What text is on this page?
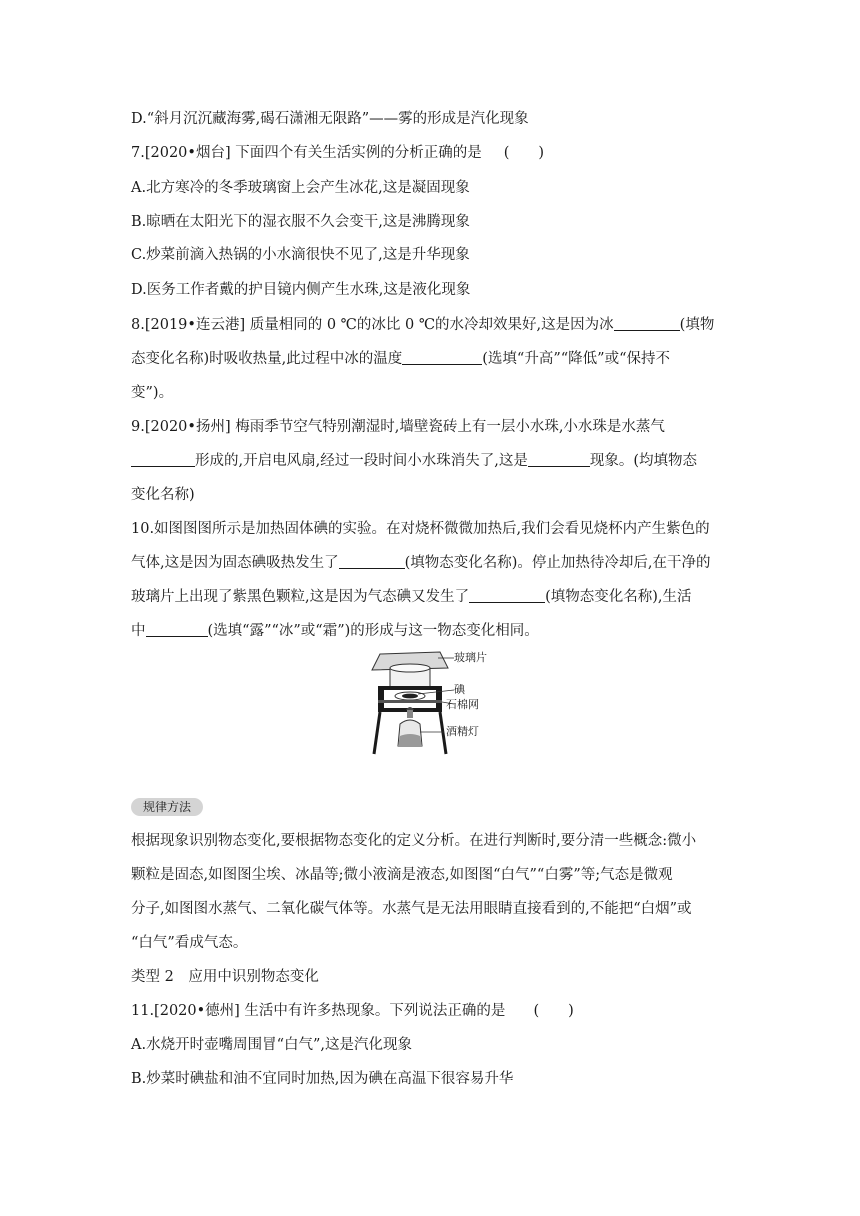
D.“斜月沉沉藏海雾,碣石潇湘无限路”——雾的形成是汽化现象
7.[2020•烟台] 下面四个有关生活实例的分析正确的是 (　　)
A.北方寒冷的冬季玻璃窗上会产生冰花,这是凝固现象
B.晾晒在太阳光下的湿衣服不久会变干,这是沸腾现象
C.炒菜前滴入热锅的小水滴很快不见了,这是升华现象
D.医务工作者戴的护目镜内侧产生水珠,这是液化现象
8.[2019•连云港] 质量相同的 0 ℃的冰比 0 ℃的水冷却效果好,这是因为冰	(填物
态变化名称)时吸收热量,此过程中冰的温度	(选填“升高”“降低”或“保持不
变”)。
9.[2020•扬州] 梅雨季节空气特别潮湿时,墙壁瓷砖上有一层小水珠,小水珠是水蒸气
形成的,开启电风扇,经过一段时间小水珠消失了,这是	现象。(均填物态
变化名称)
10.如图图图所示是加热固体碘的实验。在对烧杯微微加热后,我们会看见烧杯内产生紫色的
气体,这是因为固态碘吸热发生了	(填物态变化名称)。停止加热待冷却后,在干净的
玻璃片上出现了紫黑色颗粒,这是因为气态碘又发生了	(填物态变化名称),生活
中	(选填“露”“冰”或“霜”)的形成与这一物态变化相同。
玻璃片
碘
石棉网
酒精灯
规律方法
根据现象识别物态变化,要根据物态变化的定义分析。在进行判断时,要分清一些概念:微小
颗粒是固态,如图图尘埃、冰晶等;微小液滴是液态,如图图“白气”“白雾”等;气态是微观
分子,如图图水蒸气、二氧化碳气体等。水蒸气是无法用眼睛直接看到的,不能把“白烟”或
“白气”看成气态。
类型 2　应用中识别物态变化
11.[2020•德州] 生活中有许多热现象。下列说法正确的是 (　　)
A.水烧开时壶嘴周围冒“白气”,这是汽化现象
B.炒菜时碘盐和油不宜同时加热,因为碘在高温下很容易升华
